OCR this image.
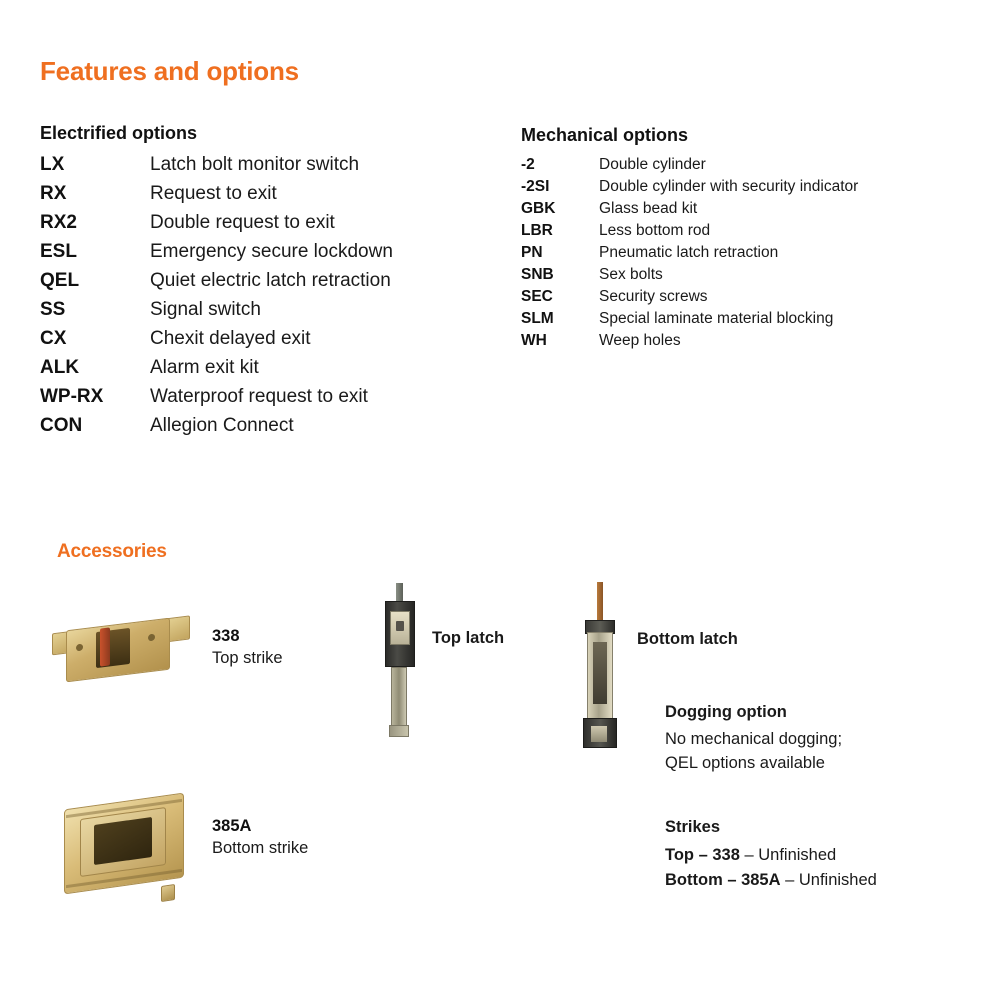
Features and options
Electrified options
LX	Latch bolt monitor switch
RX	Request to exit
RX2	Double request to exit
ESL	Emergency secure lockdown
QEL	Quiet electric latch retraction
SS	Signal switch
CX	Chexit delayed exit
ALK	Alarm exit kit
WP-RX	Waterproof request to exit
CON	Allegion Connect
Mechanical options
-2	Double cylinder
-2SI	Double cylinder with security indicator
GBK	Glass bead kit
LBR	Less bottom rod
PN	Pneumatic latch retraction
SNB	Sex bolts
SEC	Security screws
SLM	Special laminate material blocking
WH	Weep holes
Accessories
338
Top strike
Top latch	Bottom latch
385A
Bottom strike
Dogging option
No mechanical dogging;
QEL options available
Strikes
Top – 338 – Unfinished
Bottom – 385A – Unfinished
